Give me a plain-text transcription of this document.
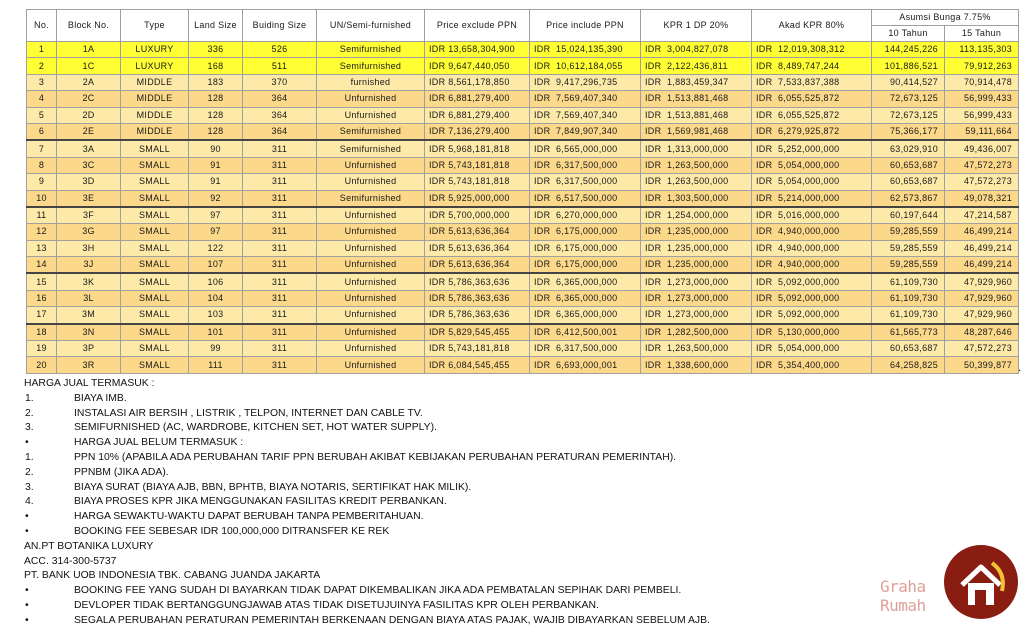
No.	Block No.	Type	Land Size	Buiding Size	UN/Semi-furnished	Price exclude PPN	Price include PPN	KPR 1 DP 20%	Akad KPR 80%	Asumsi Bunga 7.75%	
										10 Tahun	15 Tahun
1	1A	LUXURY	336	526	Semifurnished	IDR 13,658,304,900	IDR 15,024,135,390	IDR 3,004,827,078	IDR 12,019,308,312	144,245,226	113,135,303
2	1C	LUXURY	168	511	Semifurnished	IDR 9,647,440,050	IDR 10,612,184,055	IDR 2,122,436,811	IDR 8,489,747,244	101,886,521	79,912,263
3	2A	MIDDLE	183	370	furnished	IDR 8,561,178,850	IDR 9,417,296,735	IDR 1,883,459,347	IDR 7,533,837,388	90,414,527	70,914,478
4	2C	MIDDLE	128	364	Unfurnished	IDR 6,881,279,400	IDR 7,569,407,340	IDR 1,513,881,468	IDR 6,055,525,872	72,673,125	56,999,433
5	2D	MIDDLE	128	364	Unfurnished	IDR 6,881,279,400	IDR 7,569,407,340	IDR 1,513,881,468	IDR 6,055,525,872	72,673,125	56,999,433
6	2E	MIDDLE	128	364	Semifurnished	IDR 7,136,279,400	IDR 7,849,907,340	IDR 1,569,981,468	IDR 6,279,925,872	75,366,177	59,111,664
7	3A	SMALL	90	311	Semifurnished	IDR 5,968,181,818	IDR 6,565,000,000	IDR 1,313,000,000	IDR 5,252,000,000	63,029,910	49,436,007
8	3C	SMALL	91	311	Unfurnished	IDR 5,743,181,818	IDR 6,317,500,000	IDR 1,263,500,000	IDR 5,054,000,000	60,653,687	47,572,273
9	3D	SMALL	91	311	Unfurnished	IDR 5,743,181,818	IDR 6,317,500,000	IDR 1,263,500,000	IDR 5,054,000,000	60,653,687	47,572,273
10	3E	SMALL	92	311	Semifurnished	IDR 5,925,000,000	IDR 6,517,500,000	IDR 1,303,500,000	IDR 5,214,000,000	62,573,867	49,078,321
11	3F	SMALL	97	311	Unfurnished	IDR 5,700,000,000	IDR 6,270,000,000	IDR 1,254,000,000	IDR 5,016,000,000	60,197,644	47,214,587
12	3G	SMALL	97	311	Unfurnished	IDR 5,613,636,364	IDR 6,175,000,000	IDR 1,235,000,000	IDR 4,940,000,000	59,285,559	46,499,214
13	3H	SMALL	122	311	Unfurnished	IDR 5,613,636,364	IDR 6,175,000,000	IDR 1,235,000,000	IDR 4,940,000,000	59,285,559	46,499,214
14	3J	SMALL	107	311	Unfurnished	IDR 5,613,636,364	IDR 6,175,000,000	IDR 1,235,000,000	IDR 4,940,000,000	59,285,559	46,499,214
15	3K	SMALL	106	311	Unfurnished	IDR 5,786,363,636	IDR 6,365,000,000	IDR 1,273,000,000	IDR 5,092,000,000	61,109,730	47,929,960
16	3L	SMALL	104	311	Unfurnished	IDR 5,786,363,636	IDR 6,365,000,000	IDR 1,273,000,000	IDR 5,092,000,000	61,109,730	47,929,960
17	3M	SMALL	103	311	Unfurnished	IDR 5,786,363,636	IDR 6,365,000,000	IDR 1,273,000,000	IDR 5,092,000,000	61,109,730	47,929,960
18	3N	SMALL	101	311	Unfurnished	IDR 5,829,545,455	IDR 6,412,500,001	IDR 1,282,500,000	IDR 5,130,000,000	61,565,773	48,287,646
19	3P	SMALL	99	311	Unfurnished	IDR 5,743,181,818	IDR 6,317,500,000	IDR 1,263,500,000	IDR 5,054,000,000	60,653,687	47,572,273
20	3R	SMALL	111	311	Unfurnished	IDR 6,084,545,455	IDR 6,693,000,001	IDR 1,338,600,000	IDR 5,354,400,000	64,258,825	50,399,877 .
HARGA JUAL TERMASUK :
1.	BIAYA IMB.
2.	INSTALASI AIR BERSIH , LISTRIK , TELPON, INTERNET DAN CABLE TV.
3.	SEMIFURNISHED (AC, WARDROBE, KITCHEN SET, HOT WATER SUPPLY).
•	HARGA JUAL BELUM TERMASUK :
1.	PPN 10% (APABILA ADA PERUBAHAN TARIF PPN BERUBAH AKIBAT KEBIJAKAN PERUBAHAN PERATURAN PEMERINTAH).
2.	PPNBM (JIKA ADA).
3.	BIAYA SURAT (BIAYA AJB, BBN, BPHTB, BIAYA NOTARIS, SERTIFIKAT HAK MILIK).
4.	BIAYA PROSES KPR JIKA MENGGUNAKAN FASILITAS KREDIT PERBANKAN.
•	HARGA SEWAKTU-WAKTU DAPAT BERUBAH TANPA PEMBERITAHUAN.
•	BOOKING FEE SEBESAR IDR 100,000,000 DITRANSFER KE REK
AN.PT BOTANIKA LUXURY
ACC. 314-300-5737
PT. BANK UOB INDONESIA TBK. CABANG JUANDA JAKARTA
•	BOOKING FEE YANG SUDAH DI BAYARKAN TIDAK DAPAT DIKEMBALIKAN JIKA ADA PEMBATALAN SEPIHAK DARI PEMBELI.
•	DEVLOPER TIDAK BERTANGGUNGJAWAB ATAS TIDAK DISETUJUINYA FASILITAS KPR OLEH PERBANKAN.
•	SEGALA PERUBAHAN PERATURAN PEMERINTAH BERKENAAN DENGAN BIAYA ATAS PAJAK, WAJIB DIBAYARKAN SEBELUM AJB.
Graha
Rumah
